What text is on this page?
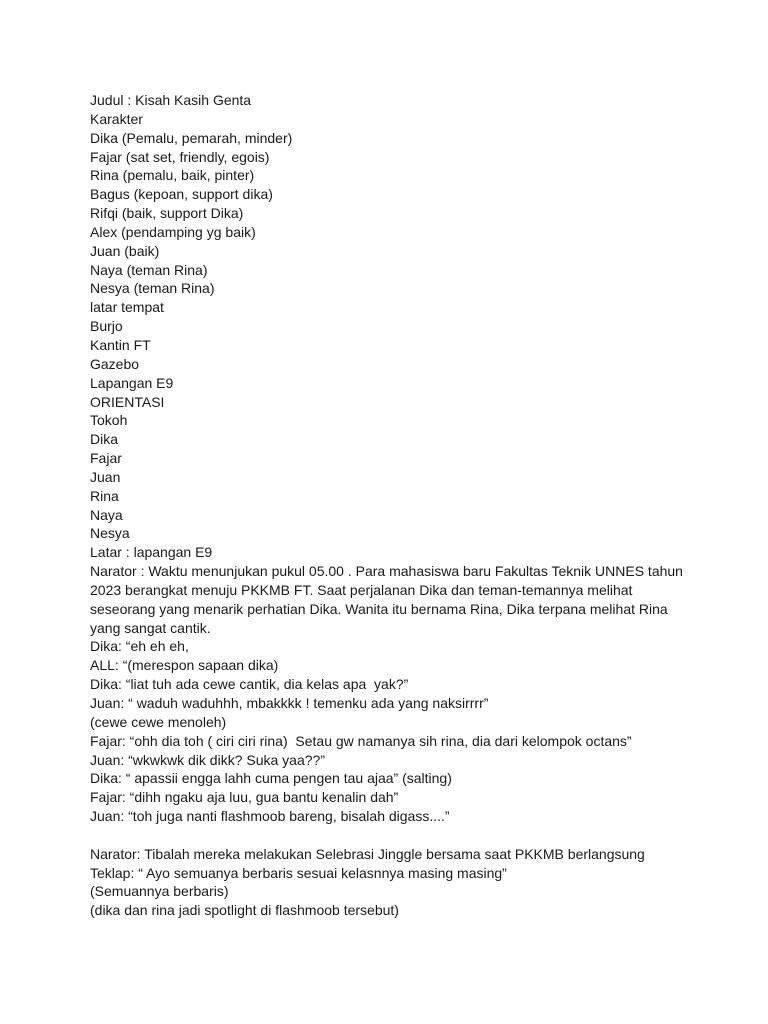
Judul : Kisah Kasih Genta
Karakter
Dika (Pemalu, pemarah, minder)
Fajar (sat set, friendly, egois)
Rina (pemalu, baik, pinter)
Bagus (kepoan, support dika)
Rifqi (baik, support Dika)
Alex (pendamping yg baik)
Juan (baik)
Naya (teman Rina)
Nesya (teman Rina)
latar tempat
Burjo
Kantin FT
Gazebo
Lapangan E9
ORIENTASI
Tokoh
Dika
Fajar
Juan
Rina
Naya
Nesya
Latar : lapangan E9
Narator : Waktu menunjukan pukul 05.00 . Para mahasiswa baru Fakultas Teknik UNNES tahun
2023 berangkat menuju PKKMB FT. Saat perjalanan Dika dan teman-temannya melihat
seseorang yang menarik perhatian Dika. Wanita itu bernama Rina, Dika terpana melihat Rina
yang sangat cantik.
Dika: “eh eh eh,
ALL: “(merespon sapaan dika)
Dika: “liat tuh ada cewe cantik, dia kelas apa  yak?”
Juan: “ waduh waduhhh, mbakkkk ! temenku ada yang naksirrrr”
(cewe cewe menoleh)
Fajar: “ohh dia toh ( ciri ciri rina)  Setau gw namanya sih rina, dia dari kelompok octans”
Juan: “wkwkwk dik dikk? Suka yaa??”
Dika: “ apassii engga lahh cuma pengen tau ajaa” (salting)
Fajar: “dihh ngaku aja luu, gua bantu kenalin dah”
Juan: “toh juga nanti flashmoob bareng, bisalah digass....”
Narator: Tibalah mereka melakukan Selebrasi Jinggle bersama saat PKKMB berlangsung
Teklap: “ Ayo semuanya berbaris sesuai kelasnnya masing masing”
(Semuannya berbaris)
(dika dan rina jadi spotlight di flashmoob tersebut)
